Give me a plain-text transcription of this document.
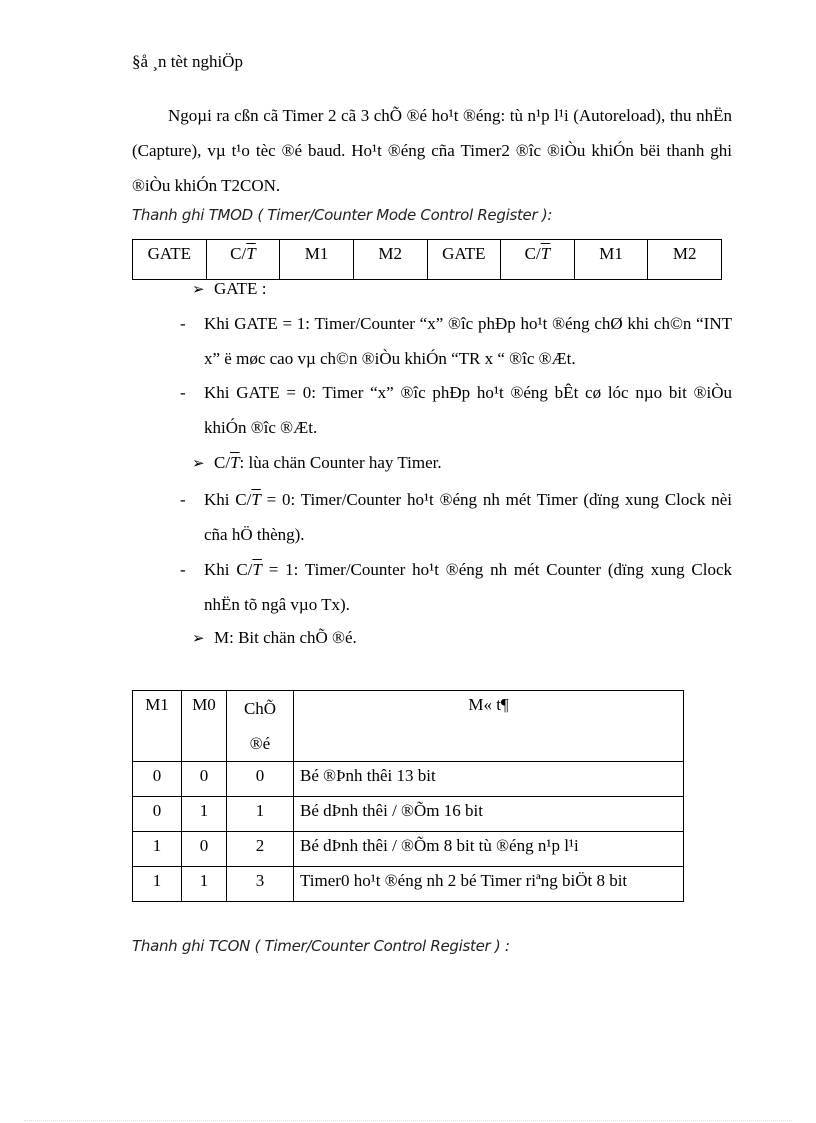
§å ¸n tèt nghiÖp
Ngoµi ra cßn cã Timer 2 cã 3 chÕ ®é ho¹t ®éng: tù n¹p l¹i (Autoreload), thu nhËn (Capture), vµ t¹o tèc ®é baud. Ho¹t ®éng cña Timer2 ®îc ®iÒu khiÓn bëi thanh ghi ®iÒu khiÓn T2CON.
Thanh ghi TMOD ( Timer/Counter Mode Control Register ):
GATE	$C/\overline{T}$	M1	M2	GATE	$C/\overline{T}$	M1	M2
➢ GATE :
- Khi GATE = 1: Timer/Counter “x” ®îc phÐp ho¹t ®éng chØ khi ch©n “INT x” ë møc cao vµ ch©n ®iÒu khiÓn “TR x “ ®îc ®Æt.
- Khi GATE = 0: Timer “x” ®îc phÐp ho¹t ®éng bÊt cø lóc nµo bit ®iÒu khiÓn ®îc ®Æt.
➢ $C/\overline{T}$: lùa chän Counter hay Timer.
- Khi $C/\overline{T} = 0$: Timer/Counter ho¹t ®éng nh mét Timer (dïng xung Clock nèi cña hÖ thèng).
- Khi $C/\overline{T} = 1$: Timer/Counter ho¹t ®éng nh mét Counter (dïng xung Clock nhËn tõ ngâ vµo Tx).
➢ M: Bit chän chÕ ®é.
M1	M0	ChÕ ®é	M« t¶
0	0	0	Bé ®Þnh thêi 13 bit
0	1	1	Bé dÞnh thêi / ®Õm 16 bit
1	0	2	Bé dÞnh thêi / ®Õm 8 bit tù ®éng n¹p l¹i
1	1	3	Timer0 ho¹t ®éng nh 2 bé Timer riªng biÖt 8 bit
Thanh ghi TCON ( Timer/Counter Control Register ) :
